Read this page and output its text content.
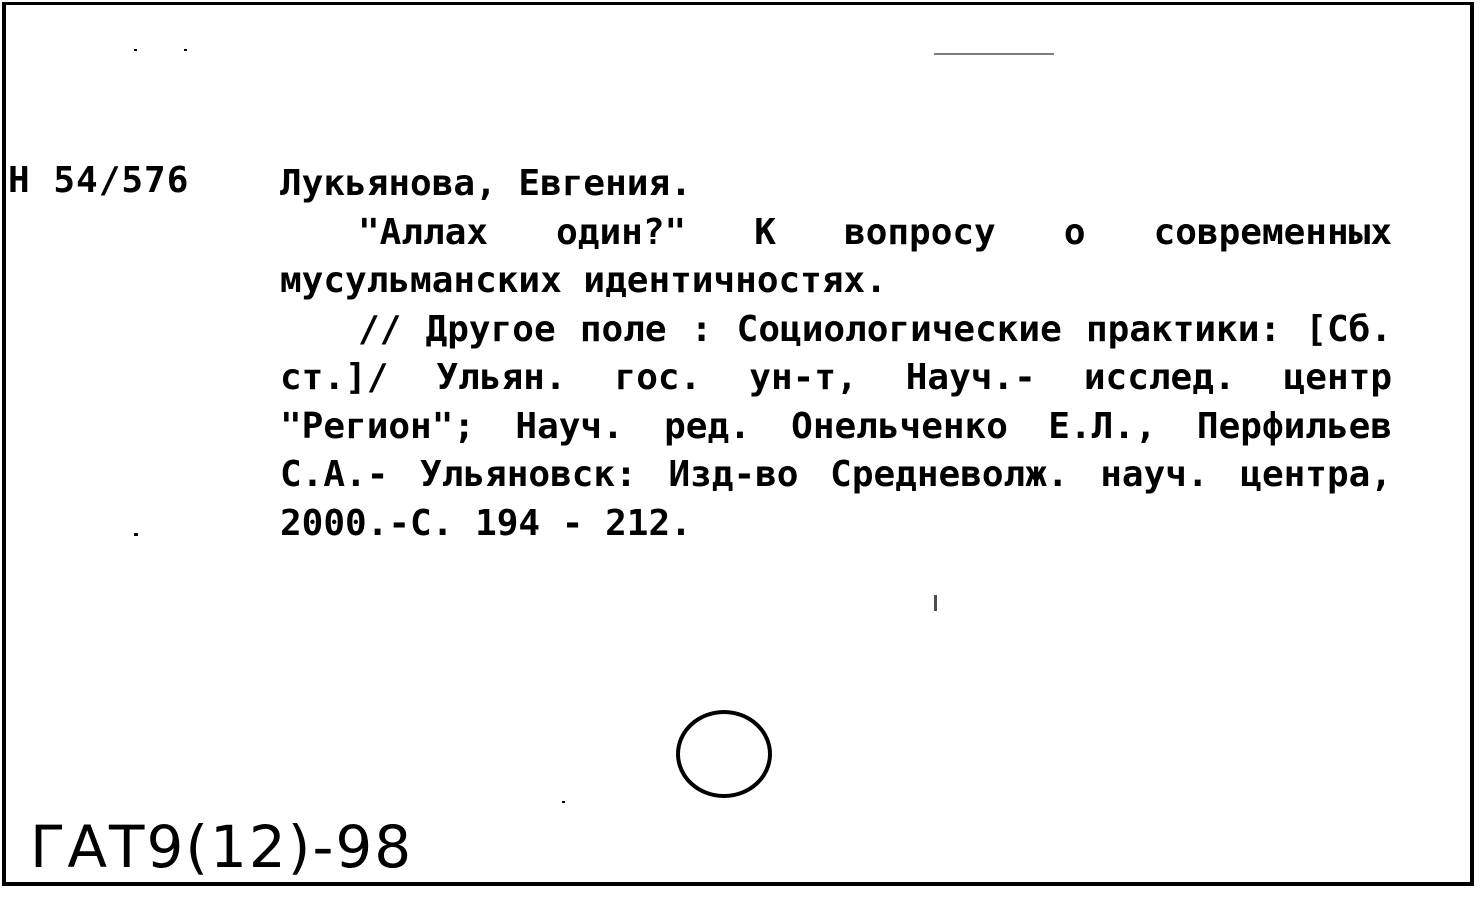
Н 54/576	Лукьянова, Евгения.

"Аллах один?" К вопросу о современных мусульманских идентичностях.

// Другое поле : Социологические практики: [Сб. ст.]/ Ульян. гос. ун-т, Науч.- исслед. центр "Регион"; Науч. ред. Онельченко Е.Л., Перфильев С.А.- Ульяновск: Изд-во Средневолж. науч. центра, 2000.-С. 194 - 212.

ГАТ9(12)-98
